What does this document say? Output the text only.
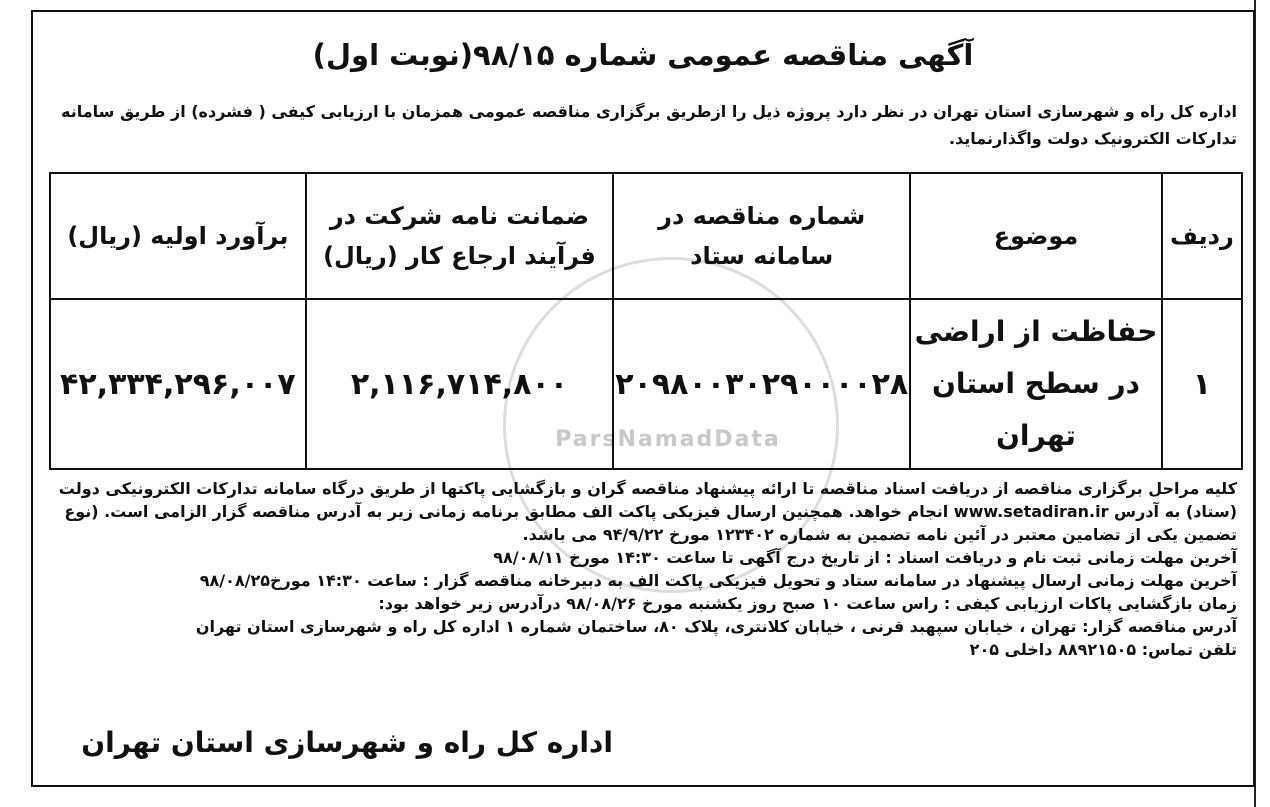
آگهی مناقصه عمومی شماره ۹۸/۱۵(نوبت اول)
اداره کل راه و شهرسازی استان تهران در نظر دارد پروژه ذیل را ازطریق برگزاری مناقصه عمومی همزمان با ارزیابی کیفی ( فشرده) از طریق سامانه تدارکات الکترونیک دولت واگذارنماید.
ParsNamadData
ردیف	موضوع	شماره مناقصه در سامانه ستاد	ضمانت نامه شرکت در فرآیند ارجاع کار (ریال)	برآورد اولیه (ریال)
۱	حفاظت از اراضی در سطح استان تهران	۲۰۹۸۰۰۳۰۲۹۰۰۰۰۲۸	۲,۱۱۶,۷۱۴,۸۰۰	۴۲,۳۳۴,۲۹۶,۰۰۷

کلیه مراحل برگزاری مناقصه از دریافت اسناد مناقصه تا ارائه پیشنهاد مناقصه گران و بازگشایی پاکتها از طریق درگاه سامانه تدارکات الکترونیکی دولت (ستاد) به آدرس www.setadiran.ir انجام خواهد. همچنین ارسال فیزیکی پاکت الف مطابق برنامه زمانی زیر به آدرس مناقصه گزار الزامی است. (نوع تضمین یکی از تضامین معتبر در آئین نامه تضمین به شماره ۱۲۳۴۰۲ مورخ ۹۴/۹/۲۲ می باشد.

آخرین مهلت زمانی ثبت نام و دریافت اسناد : از تاریخ درج آگهی تا ساعت ۱۴:۳۰ مورخ ۹۸/۰۸/۱۱

آخرین مهلت زمانی ارسال پیشنهاد در سامانه ستاد و تحویل فیزیکی پاکت الف به دبیرخانه مناقصه گزار : ساعت ۱۴:۳۰ مورخ۹۸/۰۸/۲۵

زمان بازگشایی پاکات ارزیابی کیفی : راس ساعت ۱۰ صبح روز یکشنبه مورخ ۹۸/۰۸/۲۶ درآدرس زیر خواهد بود:

آدرس مناقصه گزار: تهران ، خیابان سپهبد قرنی ، خیابان کلانتری، پلاک ۸۰، ساختمان شماره ۱ اداره کل راه و شهرسازی استان تهران

تلفن تماس: ۸۸۹۲۱۵۰۵ داخلی ۲۰۵

اداره کل راه و شهرسازی استان تهران
